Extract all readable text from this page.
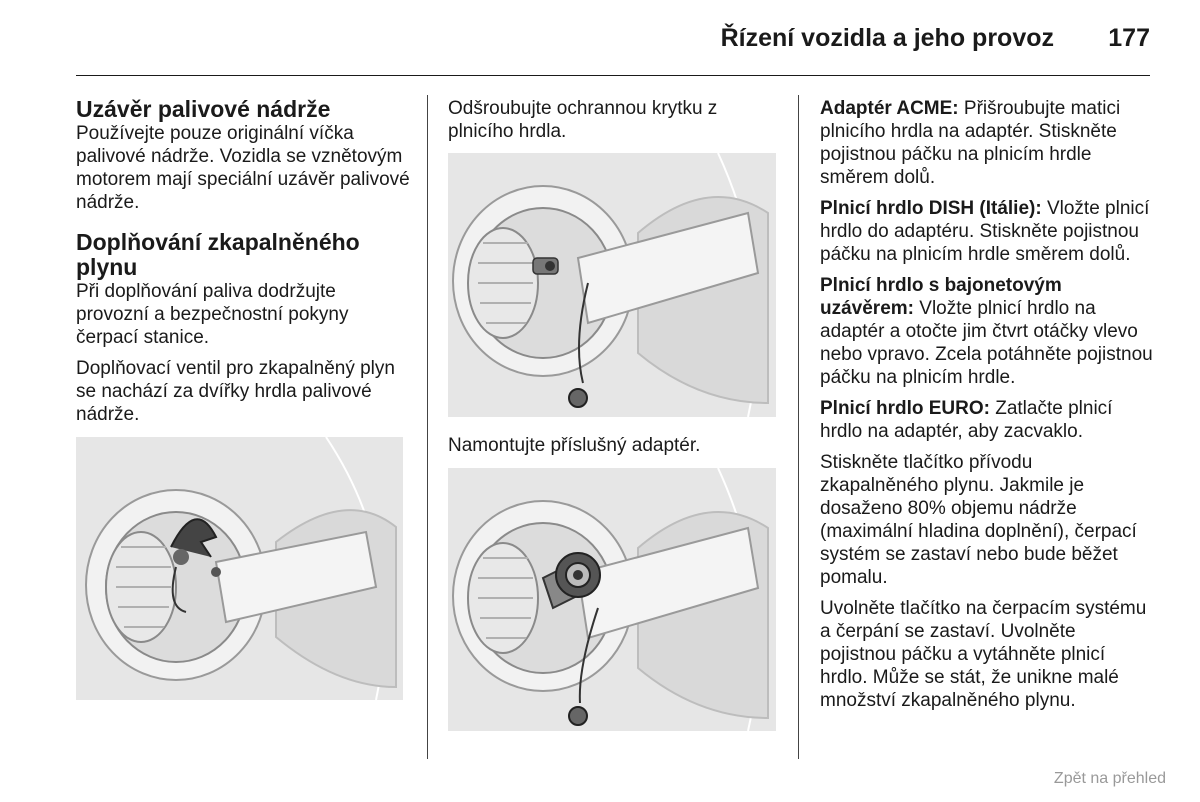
Řízení vozidla a jeho provoz 177
Uzávěr palivové nádrže

Používejte pouze originální víčka palivové nádrže. Vozidla se vznětovým motorem mají speciální uzávěr palivové nádrže.

Doplňování zkapalněného plynu

Při doplňování paliva dodržujte provozní a bezpečnostní pokyny čerpací stanice.

Doplňovací ventil pro zkapalněný plyn se nachází za dvířky hrdla palivové nádrže.

Odšroubujte ochrannou krytku z plnicího hrdla.

Namontujte příslušný adaptér.

Adaptér ACME: Přišroubujte matici plnicího hrdla na adaptér. Stiskněte pojistnou páčku na plnicím hrdle směrem dolů.

Plnicí hrdlo DISH (Itálie): Vložte plnicí hrdlo do adaptéru. Stiskněte pojistnou páčku na plnicím hrdle směrem dolů.

Plnicí hrdlo s bajonetovým uzávěrem: Vložte plnicí hrdlo na adaptér a otočte jim čtvrt otáčky vlevo nebo vpravo. Zcela potáhněte pojistnou páčku na plnicím hrdle.

Plnicí hrdlo EURO: Zatlačte plnicí hrdlo na adaptér, aby zacvaklo.

Stiskněte tlačítko přívodu zkapalněného plynu. Jakmile je dosaženo 80% objemu nádrže (maximální hladina doplnění), čerpací systém se zastaví nebo bude běžet pomalu.

Uvolněte tlačítko na čerpacím systému a čerpání se zastaví. Uvolněte pojistnou páčku a vytáhněte plnicí hrdlo. Může se stát, že unikne malé množství zkapalněného plynu.

Zpět na přehled
